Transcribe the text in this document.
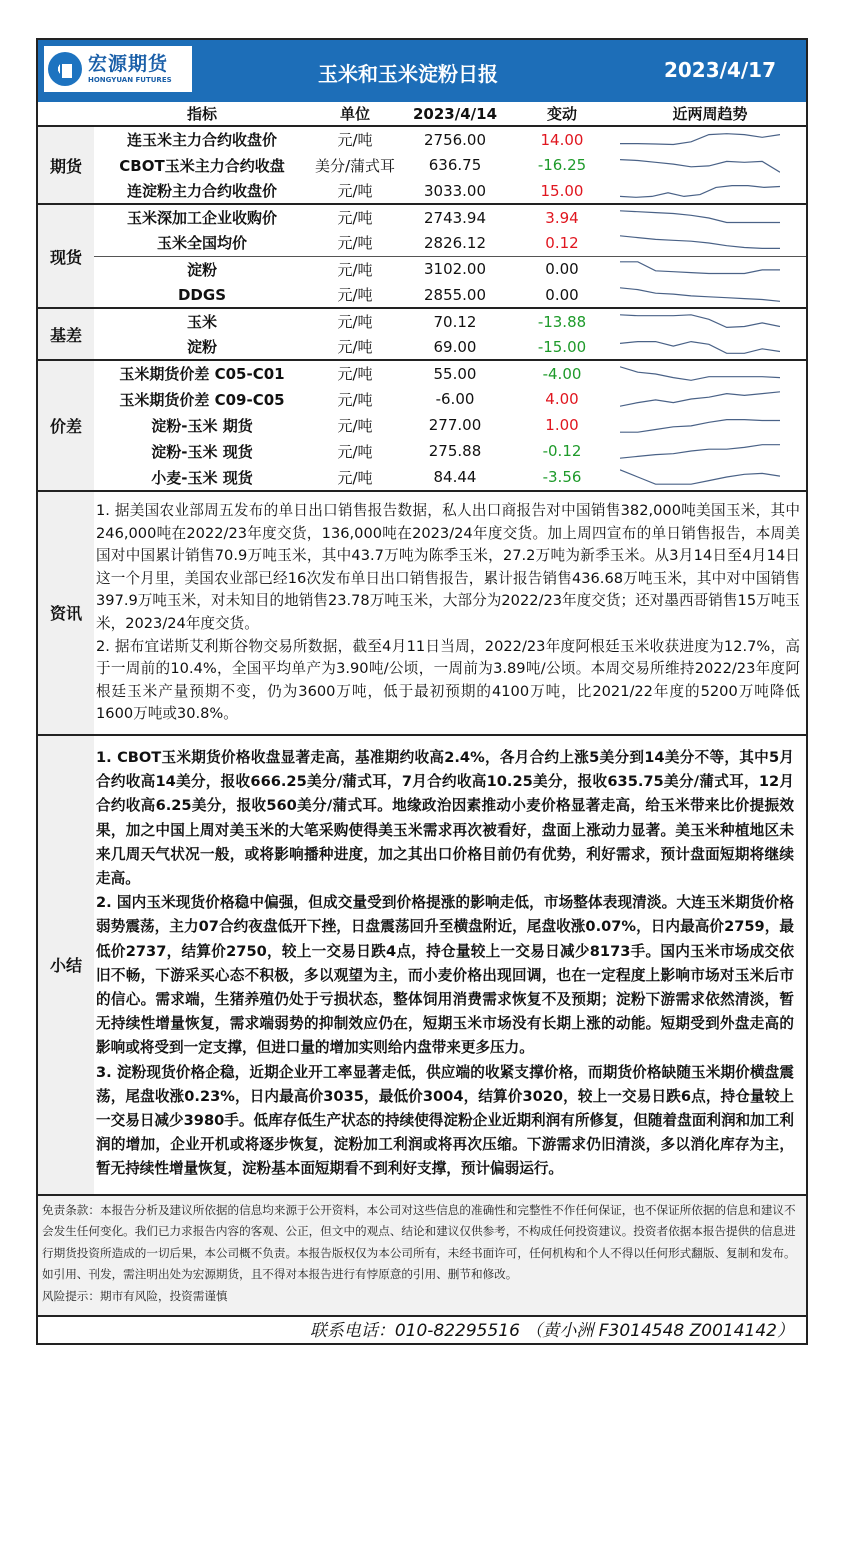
宏源期货
HONGYUAN FUTURES	玉米和玉米淀粉日报	2023/4/17
	指标	单位	2023/4/14	变动	近两周趋势
期货	连玉米主力合约收盘价	元/吨	2756.00	14.00	

	CBOT玉米主力合约收盘	美分/蒲式耳	636.75	-16.25	

	连淀粉主力合约收盘价	元/吨	3033.00	15.00	

现货	玉米深加工企业收购价	元/吨	2743.94	3.94	

	玉米全国均价	元/吨	2826.12	0.12	

	淀粉	元/吨	3102.00	0.00	

	DDGS	元/吨	2855.00	0.00	

基差	玉米	元/吨	70.12	-13.88	

	淀粉	元/吨	69.00	-15.00	

价差	玉米期货价差 C05-C01	元/吨	55.00	-4.00	

	玉米期货价差 C09-C05	元/吨	-6.00	4.00	

	淀粉-玉米 期货	元/吨	277.00	1.00	

	淀粉-玉米 现货	元/吨	275.88	-0.12	

	小麦-玉米 现货	元/吨	84.44	-3.56	
资讯
1. 据美国农业部周五发布的单日出口销售报告数据，私人出口商报告对中国销售382,000吨美国玉米，其中246,000吨在2022/23年度交货，136,000吨在2023/24年度交货。加上周四宣布的单日销售报告，本周美国对中国累计销售70.9万吨玉米，其中43.7万吨为陈季玉米，27.2万吨为新季玉米。从3月14日至4月14日这一个月里，美国农业部已经16次发布单日出口销售报告，累计报告销售436.68万吨玉米，其中对中国销售397.9万吨玉米，对未知目的地销售23.78万吨玉米，大部分为2022/23年度交货；还对墨西哥销售15万吨玉米，2023/24年度交货。
2. 据布宜诺斯艾利斯谷物交易所数据，截至4月11日当周，2022/23年度阿根廷玉米收获进度为12.7%，高于一周前的10.4%，全国平均单产为3.90吨/公顷，一周前为3.89吨/公顷。本周交易所维持2022/23年度阿根廷玉米产量预期不变，仍为3600万吨，低于最初预期的4100万吨，比2021/22年度的5200万吨降低1600万吨或30.8%。
小结
1. CBOT玉米期货价格收盘显著走高，基准期约收高2.4%，各月合约上涨5美分到14美分不等，其中5月合约收高14美分，报收666.25美分/蒲式耳，7月合约收高10.25美分，报收635.75美分/蒲式耳，12月合约收高6.25美分，报收560美分/蒲式耳。地缘政治因素推动小麦价格显著走高，给玉米带来比价提振效果，加之中国上周对美玉米的大笔采购使得美玉米需求再次被看好，盘面上涨动力显著。美玉米种植地区未来几周天气状况一般，或将影响播种进度，加之其出口价格目前仍有优势，利好需求，预计盘面短期将继续走高。
2. 国内玉米现货价格稳中偏强，但成交量受到价格提涨的影响走低，市场整体表现清淡。大连玉米期货价格弱势震荡，主力07合约夜盘低开下挫，日盘震荡回升至横盘附近，尾盘收涨0.07%，日内最高价2759，最低价2737，结算价2750，较上一交易日跌4点，持仓量较上一交易日减少8173手。国内玉米市场成交依旧不畅，下游采买心态不积极，多以观望为主，而小麦价格出现回调，也在一定程度上影响市场对玉米后市的信心。需求端，生猪养殖仍处于亏损状态，整体饲用消费需求恢复不及预期；淀粉下游需求依然清淡，暂无持续性增量恢复，需求端弱势的抑制效应仍在，短期玉米市场没有长期上涨的动能。短期受到外盘走高的影响或将受到一定支撑，但进口量的增加实则给内盘带来更多压力。
3. 淀粉现货价格企稳，近期企业开工率显著走低，供应端的收紧支撑价格，而期货价格缺随玉米期价横盘震荡，尾盘收涨0.23%，日内最高价3035，最低价3004，结算价3020，较上一交易日跌6点，持仓量较上一交易日减少3980手。低库存低生产状态的持续使得淀粉企业近期利润有所修复，但随着盘面利润和加工利润的增加，企业开机或将逐步恢复，淀粉加工利润或将再次压缩。下游需求仍旧清淡，多以消化库存为主，暂无持续性增量恢复，淀粉基本面短期看不到利好支撑，预计偏弱运行。
免责条款：本报告分析及建议所依据的信息均来源于公开资料，本公司对这些信息的准确性和完整性不作任何保证，也不保证所依据的信息和建议不会发生任何变化。我们已力求报告内容的客观、公正，但文中的观点、结论和建议仅供参考，不构成任何投资建议。投资者依据本报告提供的信息进行期货投资所造成的一切后果，本公司概不负责。本报告版权仅为本公司所有，未经书面许可，任何机构和个人不得以任何形式翻版、复制和发布。如引用、刊发，需注明出处为宏源期货，且不得对本报告进行有悖原意的引用、删节和修改。
风险提示：期市有风险，投资需谨慎
联系电话：010-82295516 （黄小洲 F3014548 Z0014142）
